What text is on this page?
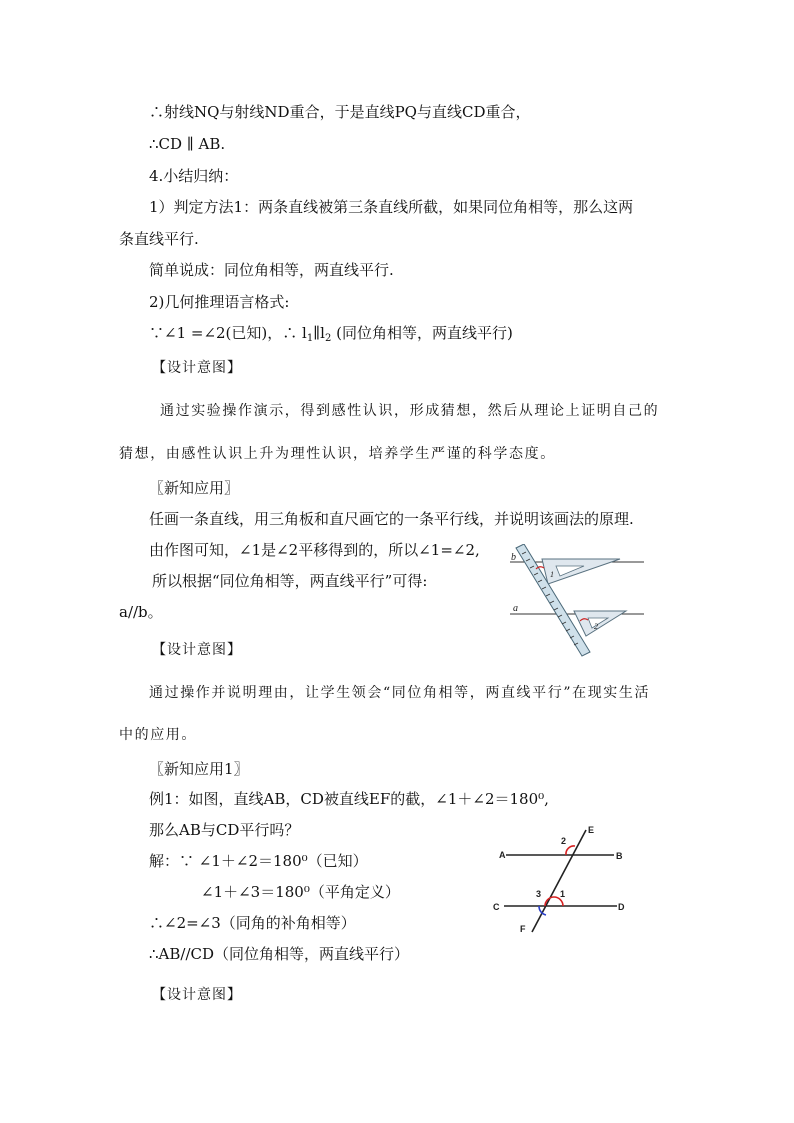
∴射线NQ与射线ND重合，于是直线PQ与直线CD重合，
∴CD ∥ AB.
4.小结归纳：
1）判定方法1：两条直线被第三条直线所截，如果同位角相等，那么这两
条直线平行.
简单说成：同位角相等，两直线平行.
2)几何推理语言格式:
∵∠1 =∠2(已知)，∴ $l_1\parallel l_2$ (同位角相等，两直线平行)
【设计意图】
通过实验操作演示，得到感性认识，形成猜想，然后从理论上证明自己的
猜想，由感性认识上升为理性认识，培养学生严谨的科学态度。
〖新知应用〗
任画一条直线，用三角板和直尺画它的一条平行线，并说明该画法的原理.
由作图可知，∠1是∠2平移得到的，所以∠1=∠2,
所以根据“同位角相等，两直线平行”可得:
a//b。
b
a
1
2
【设计意图】
通过操作并说明理由，让学生领会“同位角相等，两直线平行”在现实生活
中的应用。
〖新知应用1〗
例1：如图，直线AB，CD被直线EF的截，∠1＋∠2＝180⁰,
那么AB与CD平行吗？
解：∵ ∠1＋∠2＝180⁰（已知）
∠1＋∠3＝180⁰（平角定义）
∴∠2=∠3（同角的补角相等）
∴AB//CD（同位角相等，两直线平行）
A	B
C	D
E
F
2
1
3
【设计意图】
